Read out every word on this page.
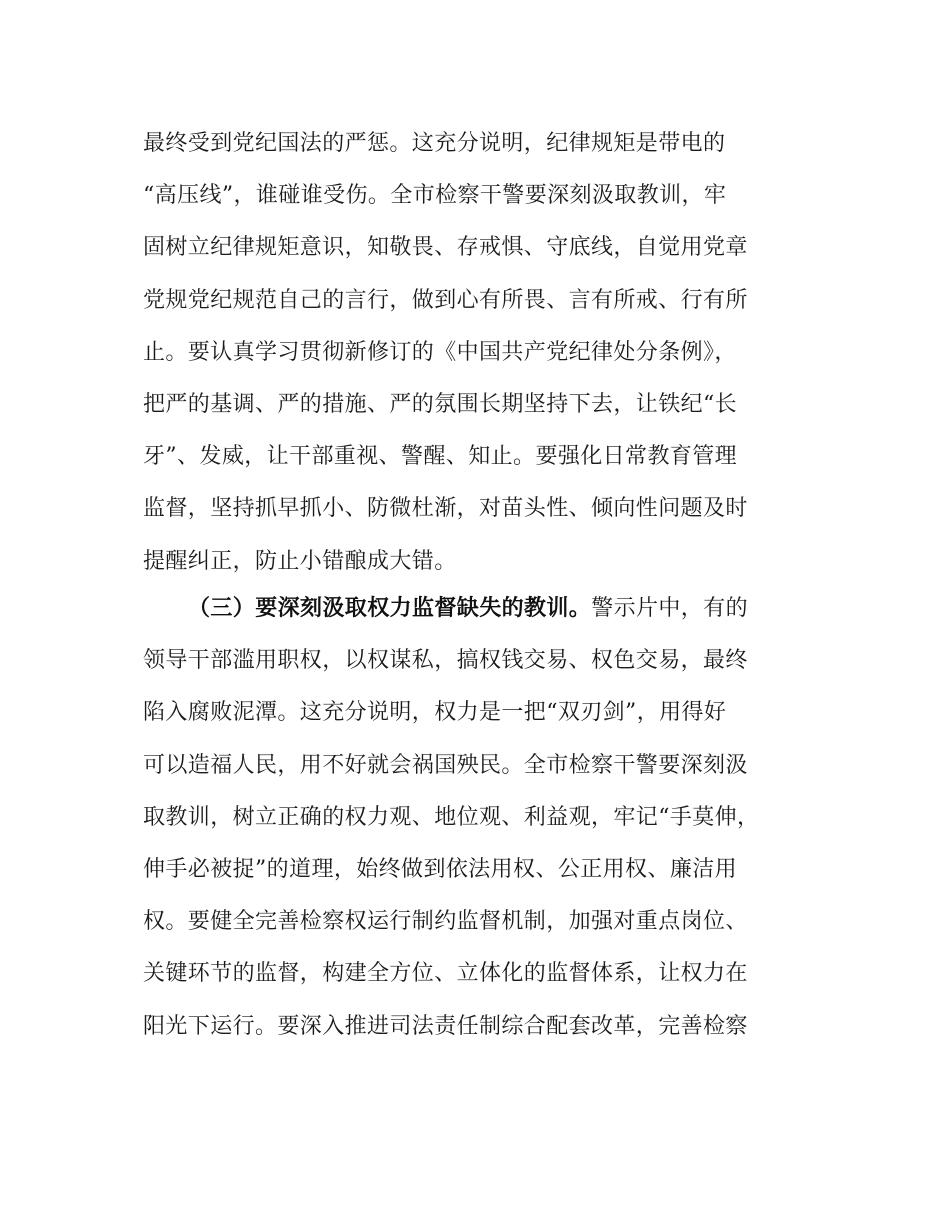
最终受到党纪国法的严惩。这充分说明，纪律规矩是带电的
“高压线”，谁碰谁受伤。全市检察干警要深刻汲取教训，牢
固树立纪律规矩意识，知敬畏、存戒惧、守底线，自觉用党章
党规党纪规范自己的言行，做到心有所畏、言有所戒、行有所
止。要认真学习贯彻新修订的《中国共产党纪律处分条例》，
把严的基调、严的措施、严的氛围长期坚持下去，让铁纪“长
牙”、发威，让干部重视、警醒、知止。要强化日常教育管理
监督，坚持抓早抓小、防微杜渐，对苗头性、倾向性问题及时
提醒纠正，防止小错酿成大错。
（三）要深刻汲取权力监督缺失的教训。警示片中，有的
领导干部滥用职权，以权谋私，搞权钱交易、权色交易，最终
陷入腐败泥潭。这充分说明，权力是一把“双刃剑”，用得好
可以造福人民，用不好就会祸国殃民。全市检察干警要深刻汲
取教训，树立正确的权力观、地位观、利益观，牢记“手莫伸，
伸手必被捉”的道理，始终做到依法用权、公正用权、廉洁用
权。要健全完善检察权运行制约监督机制，加强对重点岗位、
关键环节的监督，构建全方位、立体化的监督体系，让权力在
阳光下运行。要深入推进司法责任制综合配套改革，完善检察
